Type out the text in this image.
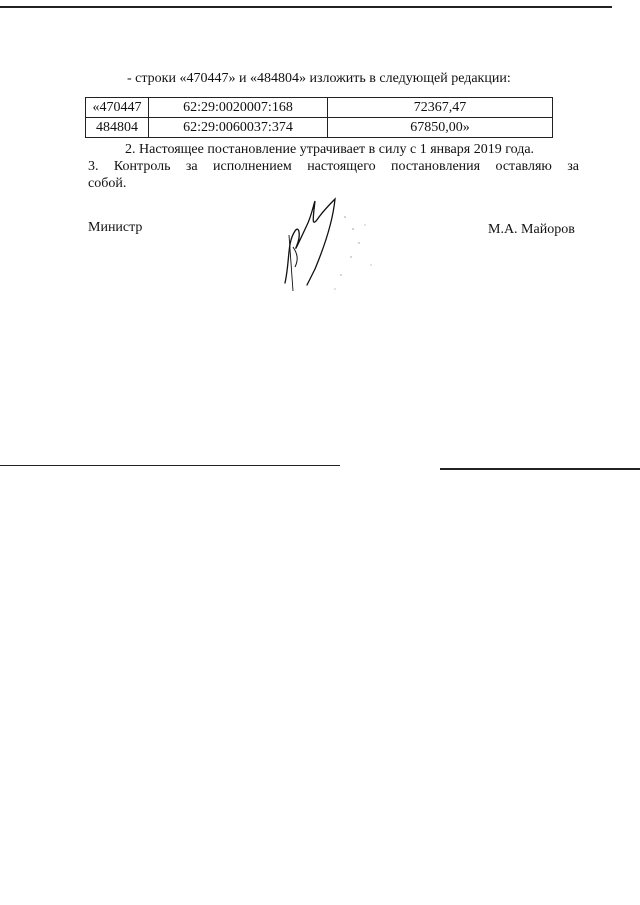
- строки «470447» и «484804» изложить в следующей редакции:
«470447	62:29:0020007:168	72367,47
484804	62:29:0060037:374	67850,00»
2. Настоящее постановление утрачивает в силу с 1 января 2019 года.
3. Контроль за исполнением настоящего постановления оставляю за
собой.
Министр	М.А. Майоров
